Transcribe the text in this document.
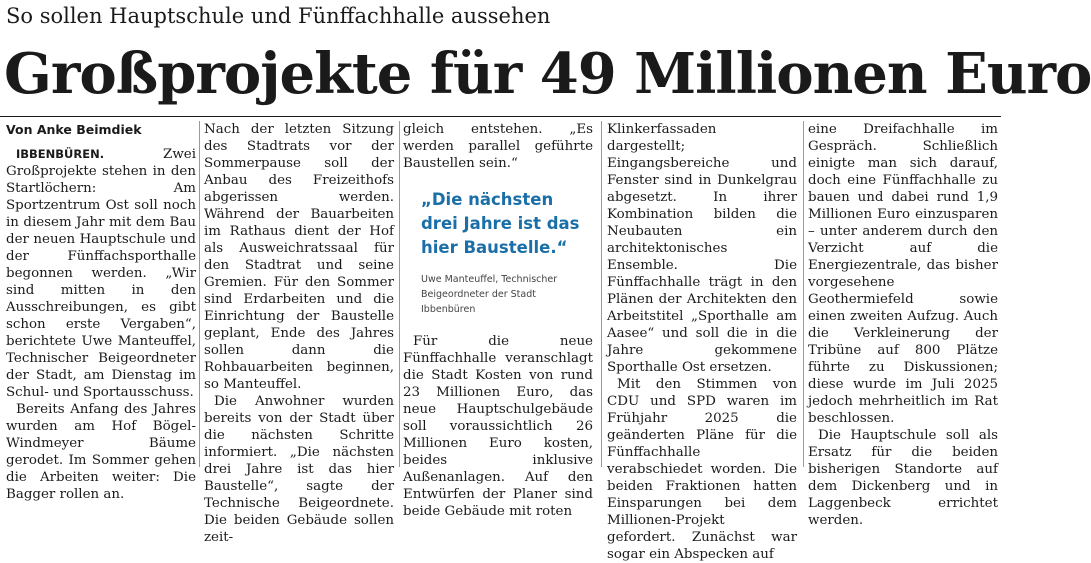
So sollen Hauptschule und Fünffachhalle aussehen
Großprojekte für 49 Millionen Euro

Von Anke Beimdiek

IBBENBÜREN.	Zwei Großprojekte stehen in den Startlöchern: Am Sportzentrum Ost soll noch in diesem Jahr mit dem Bau der neuen Hauptschule und der Fünffachsporthalle begonnen werden. „Wir sind mitten in den Ausschreibungen, es gibt schon erste Vergaben“, berichtete Uwe Manteuffel, Technischer Beigeordneter der Stadt, am Dienstag im Schul- und Sportausschuss.

Bereits Anfang des Jahres wurden am Hof Bögel-Windmeyer Bäume gerodet. Im Sommer gehen die Arbeiten weiter: Die Bagger rollen an.

Nach der letzten Sitzung des Stadtrats vor der Sommerpause soll der Anbau des Freizeithofs abgerissen werden. Während der Bauarbeiten im Rathaus dient der Hof als Ausweichratssaal für den Stadtrat und seine Gremien. Für den Sommer sind Erdarbeiten und die Einrichtung der Baustelle geplant, Ende des Jahres sollen dann die Rohbauarbeiten beginnen, so Manteuffel.

Die Anwohner wurden bereits von der Stadt über die nächsten Schritte informiert. „Die nächsten drei Jahre ist das hier Baustelle“, sagte der Technische Beigeordnete. Die beiden Gebäude sollen zeit-

gleich entstehen. „Es werden parallel geführte Baustellen sein.“

„Die nächsten drei Jahre ist das hier Baustelle.“

Uwe Manteuffel, Technischer Beigeordneter der Stadt Ibbenbüren

Für die neue Fünffachhalle veranschlagt die Stadt Kosten von rund 23 Millionen Euro, das neue Hauptschulgebäude soll voraussichtlich 26 Millionen Euro kosten, beides inklusive Außenanlagen. Auf den Entwürfen der Planer sind beide Gebäude mit roten

Klinkerfassaden dargestellt; Eingangsbereiche und Fenster sind in Dunkelgrau abgesetzt. In ihrer Kombination bilden die Neubauten ein architektonisches Ensemble. Die Fünffachhalle trägt in den Plänen der Architekten den Arbeitstitel „Sporthalle am Aasee“ und soll die in die Jahre gekommene Sporthalle Ost ersetzen.

Mit den Stimmen von CDU und SPD waren im Frühjahr 2025 die geänderten Pläne für die Fünffachhalle verabschiedet worden. Die beiden Fraktionen hatten Einsparungen bei dem Millionen-Projekt gefordert. Zunächst war sogar ein Abspecken auf

eine Dreifachhalle im Gespräch. Schließlich einigte man sich darauf, doch eine Fünffachhalle zu bauen und dabei rund 1,9 Millionen Euro einzusparen – unter anderem durch den Verzicht auf die Energiezentrale, das bisher vorgesehene Geothermiefeld sowie einen zweiten Aufzug. Auch die Verkleinerung der Tribüne auf 800 Plätze führte zu Diskussionen; diese wurde im Juli 2025 jedoch mehrheitlich im Rat beschlossen.

Die Hauptschule soll als Ersatz für die beiden bisherigen Standorte auf dem Dickenberg und in Laggenbeck errichtet werden.
